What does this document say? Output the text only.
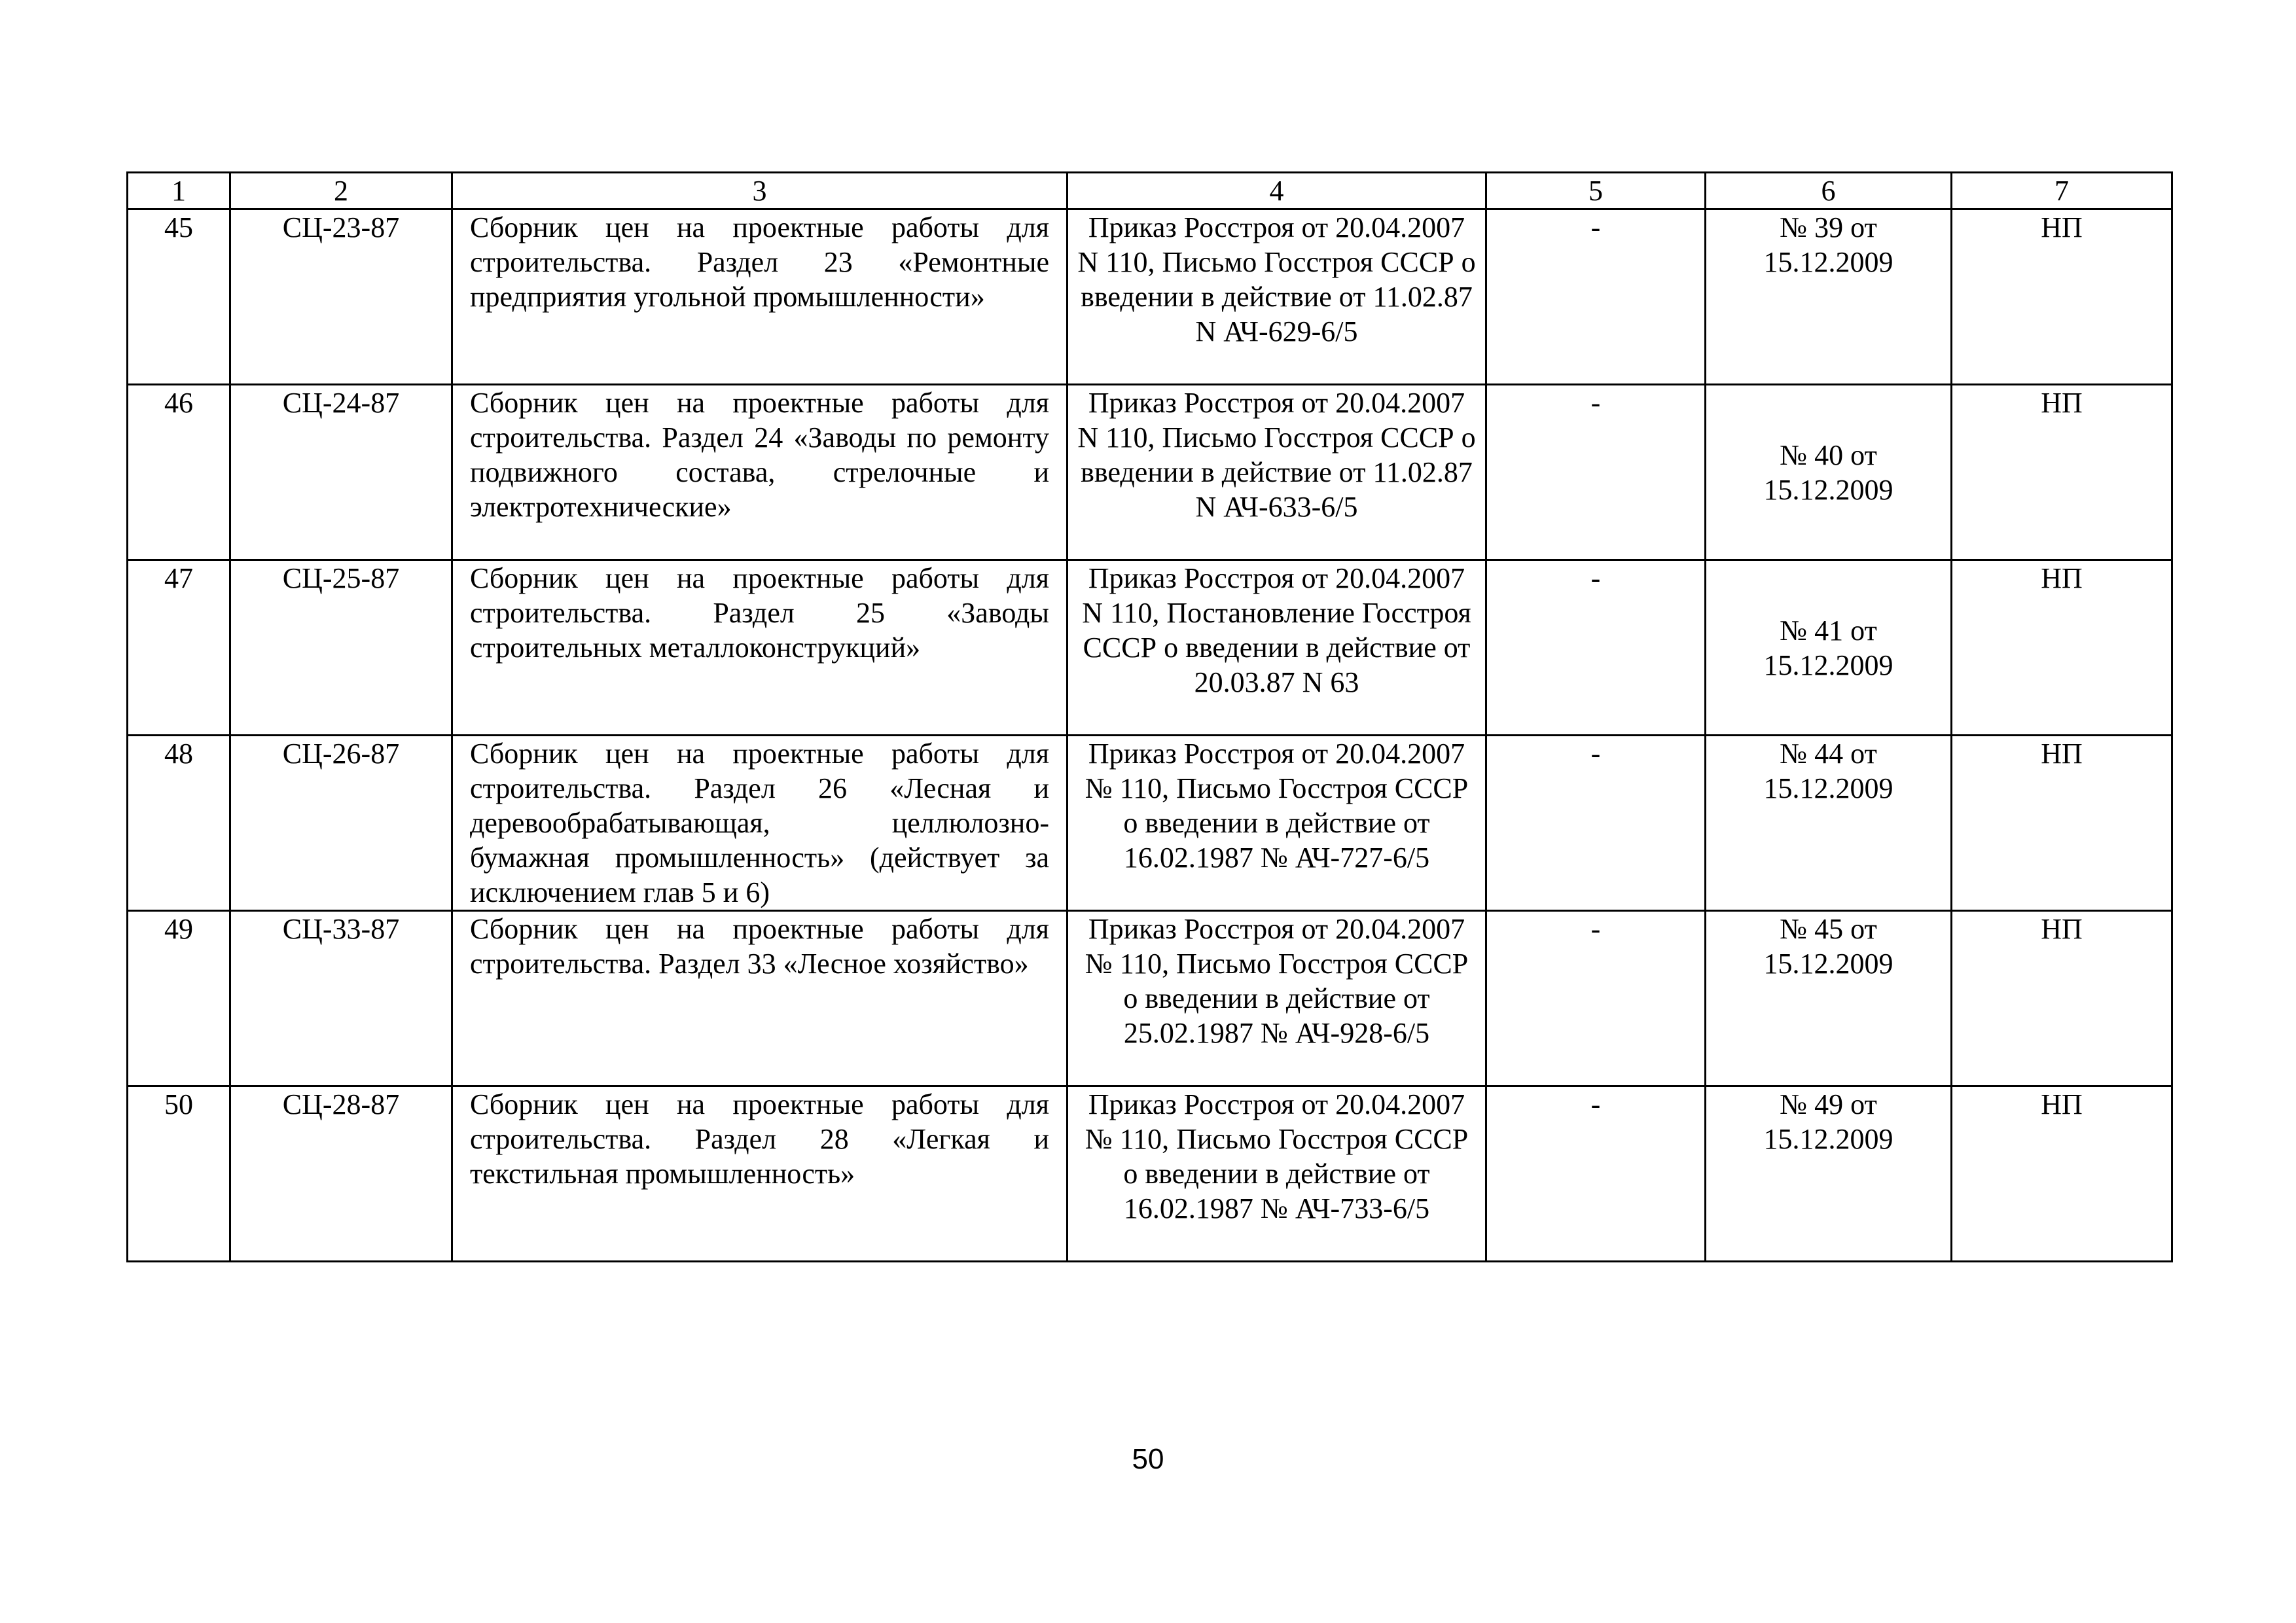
1	2	3	4	5	6	7
45	СЦ-23-87	Сборник цен на проектные работы для строительства. Раздел 23 «Ремонтные предприятия угольной промышленности»	Приказ Росстроя от 20.04.2007 N 110, Письмо Госстроя СССР о введении в действие от 11.02.87 N АЧ-629-6/5	-	№ 39 от 15.12.2009	НП
46	СЦ-24-87	Сборник цен на проектные работы для строительства. Раздел 24 «Заводы по ремонту подвижного состава, стрелочные и электротехнические»	Приказ Росстроя от 20.04.2007 N 110, Письмо Госстроя СССР о введении в действие от 11.02.87 N АЧ-633-6/5	-	№ 40 от 15.12.2009	НП
47	СЦ-25-87	Сборник цен на проектные работы для строительства. Раздел 25 «Заводы строительных металлоконструкций»	Приказ Росстроя от 20.04.2007 N 110, Постановление Госстроя СССР о введении в действие от 20.03.87 N 63	-	№ 41 от 15.12.2009	НП
48	СЦ-26-87	Сборник цен на проектные работы для строительства. Раздел 26 «Лесная и деревообрабатывающая, целлюлозно-бумажная промышленность» (действует за исключением глав 5 и 6)	Приказ Росстроя от 20.04.2007 № 110, Письмо Госстроя СССР о введении в действие от 16.02.1987 № АЧ-727-6/5	-	№ 44 от 15.12.2009	НП
49	СЦ-33-87	Сборник цен на проектные работы для строительства. Раздел 33 «Лесное хозяйство»	Приказ Росстроя от 20.04.2007 № 110, Письмо Госстроя СССР о введении в действие от 25.02.1987 № АЧ-928-6/5	-	№ 45 от 15.12.2009	НП
50	СЦ-28-87	Сборник цен на проектные работы для строительства. Раздел 28 «Легкая и текстильная промышленность»	Приказ Росстроя от 20.04.2007 № 110, Письмо Госстроя СССР о введении в действие от 16.02.1987 № АЧ-733-6/5	-	№ 49 от 15.12.2009	НП
50
